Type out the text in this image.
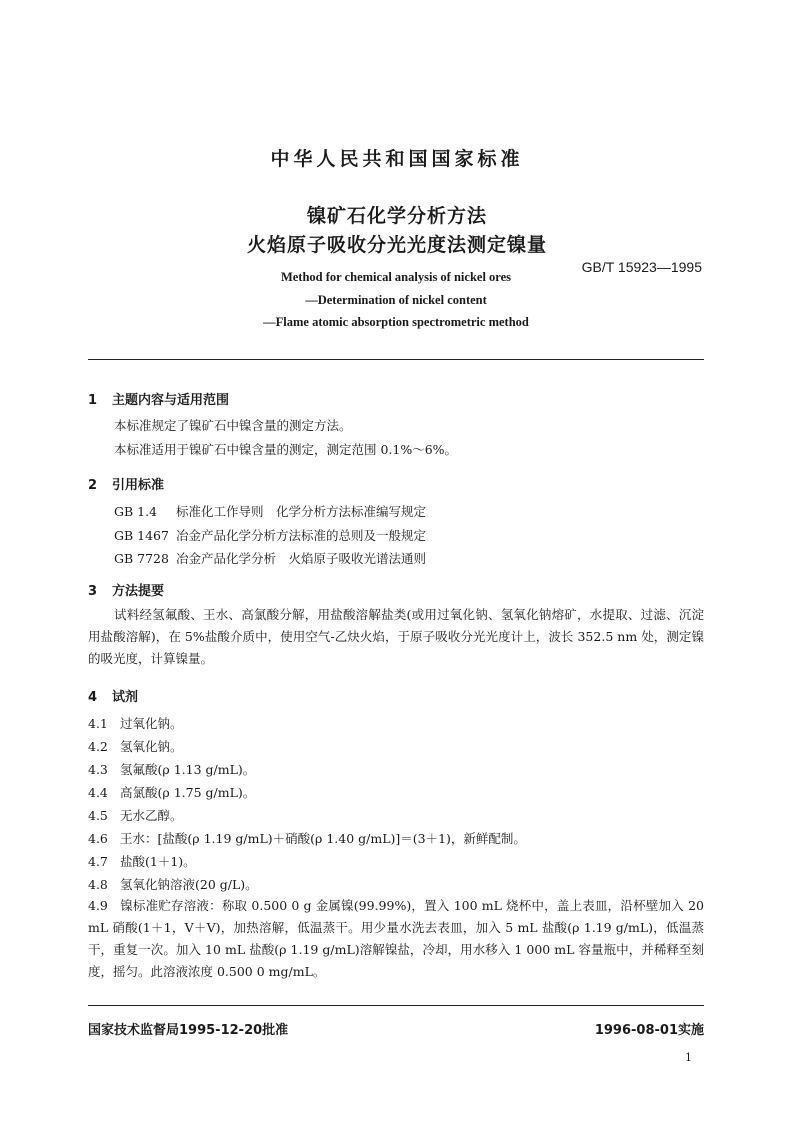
中华人民共和国国家标准
镍矿石化学分析方法
火焰原子吸收分光光度法测定镍量
GB/T 15923—1995
Method for chemical analysis of nickel ores
—Determination of nickel content
—Flame atomic absorption spectrometric method
1 主题内容与适用范围
本标准规定了镍矿石中镍含量的测定方法。
本标准适用于镍矿石中镍含量的测定，测定范围 0.1%～6%。
2 引用标准
GB 1.4 标准化工作导则　化学分析方法标准编写规定
GB 1467 冶金产品化学分析方法标准的总则及一般规定
GB 7728 冶金产品化学分析　火焰原子吸收光谱法通则
3 方法提要

试料经氢氟酸、王水、高氯酸分解，用盐酸溶解盐类(或用过氧化钠、氢氧化钠熔矿，水提取、过滤、沉淀用盐酸溶解)，在 5%盐酸介质中，使用空气-乙炔火焰，于原子吸收分光光度计上，波长 352.5 nm 处，测定镍的吸光度，计算镍量。

4 试剂
4.1 过氧化钠。
4.2 氢氧化钠。
4.3 氢氟酸(ρ 1.13 g/mL)。
4.4 高氯酸(ρ 1.75 g/mL)。
4.5 无水乙醇。
4.6 王水：[盐酸(ρ 1.19 g/mL)＋硝酸(ρ 1.40 g/mL)]＝(3＋1)，新鲜配制。
4.7 盐酸(1＋1)。
4.8 氢氧化钠溶液(20 g/L)。

4.9 镍标准贮存溶液：称取 0.500 0 g 金属镍(99.99%)，置入 100 mL 烧杯中，盖上表皿，沿杯壁加入 20 mL 硝酸(1＋1，V＋V)，加热溶解，低温蒸干。用少量水洗去表皿，加入 5 mL 盐酸(ρ 1.19 g/mL)，低温蒸干，重复一次。加入 10 mL 盐酸(ρ 1.19 g/mL)溶解镍盐，冷却，用水移入 1 000 mL 容量瓶中，并稀释至刻度，摇匀。此溶液浓度 0.500 0 mg/mL。

国家技术监督局1995-12-20批准	1996-08-01实施
1
